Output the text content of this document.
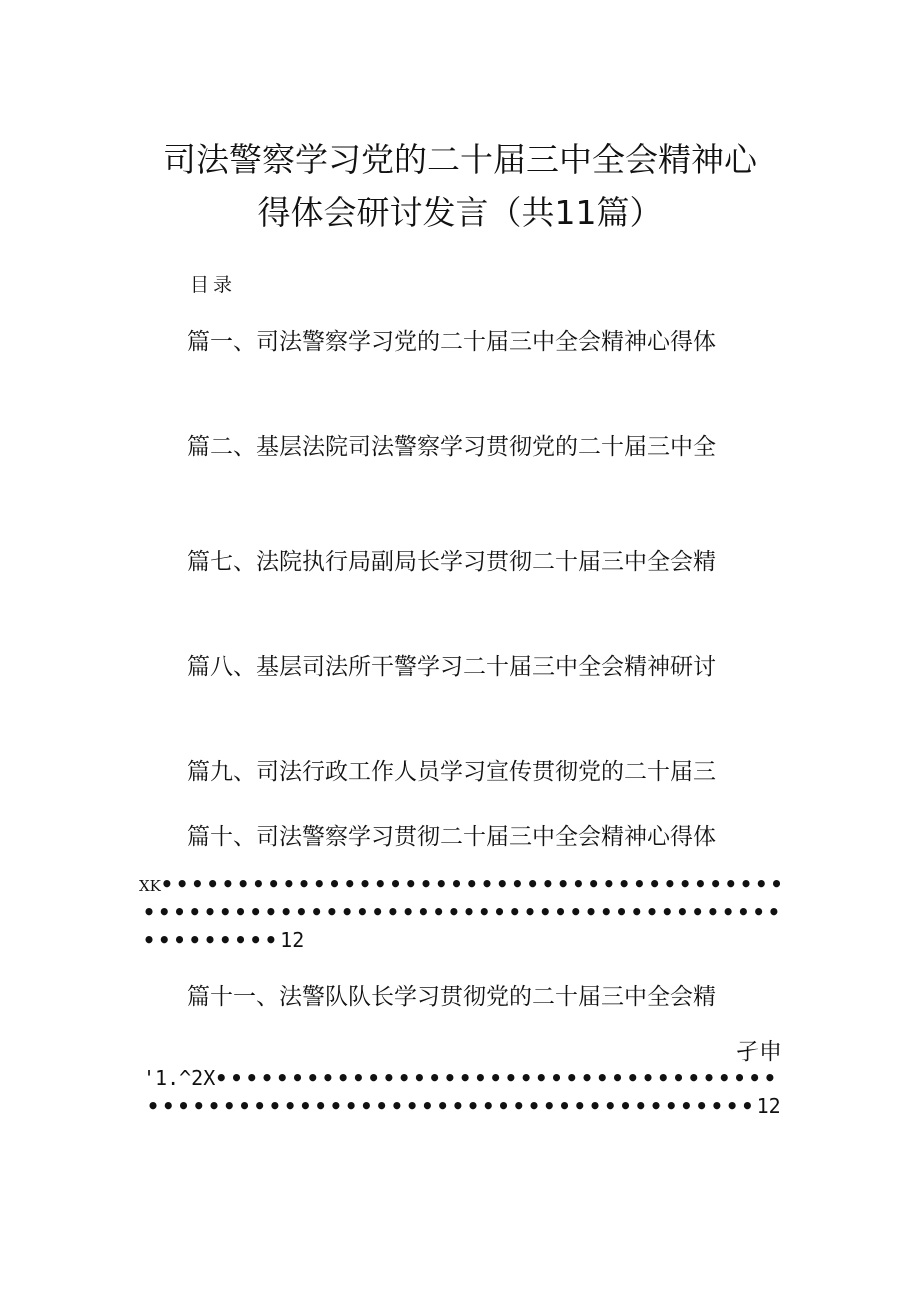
司法警察学习党的二十届三中全会精神心
得体会研讨发言（共11篇）
目录
篇一、司法警察学习党的二十届三中全会精神心得体
篇二、基层法院司法警察学习贯彻党的二十届三中全
篇七、法院执行局副局长学习贯彻二十届三中全会精
篇八、基层司法所干警学习二十届三中全会精神研讨
篇九、司法行政工作人员学习宣传贯彻党的二十届三
篇十、司法警察学习贯彻二十届三中全会精神心得体
XK•••••••••••••••••••••••••••••••••••••••••
••••••••••••••••••••••••••••••••••••••••••
•••••••••12
篇十一、法警队队长学习贯彻党的二十届三中全会精
孑申
'1.^2X•••••••••••••••••••••••••••••••••••••
••••••••••••••••••••••••••••••••••••••••12
